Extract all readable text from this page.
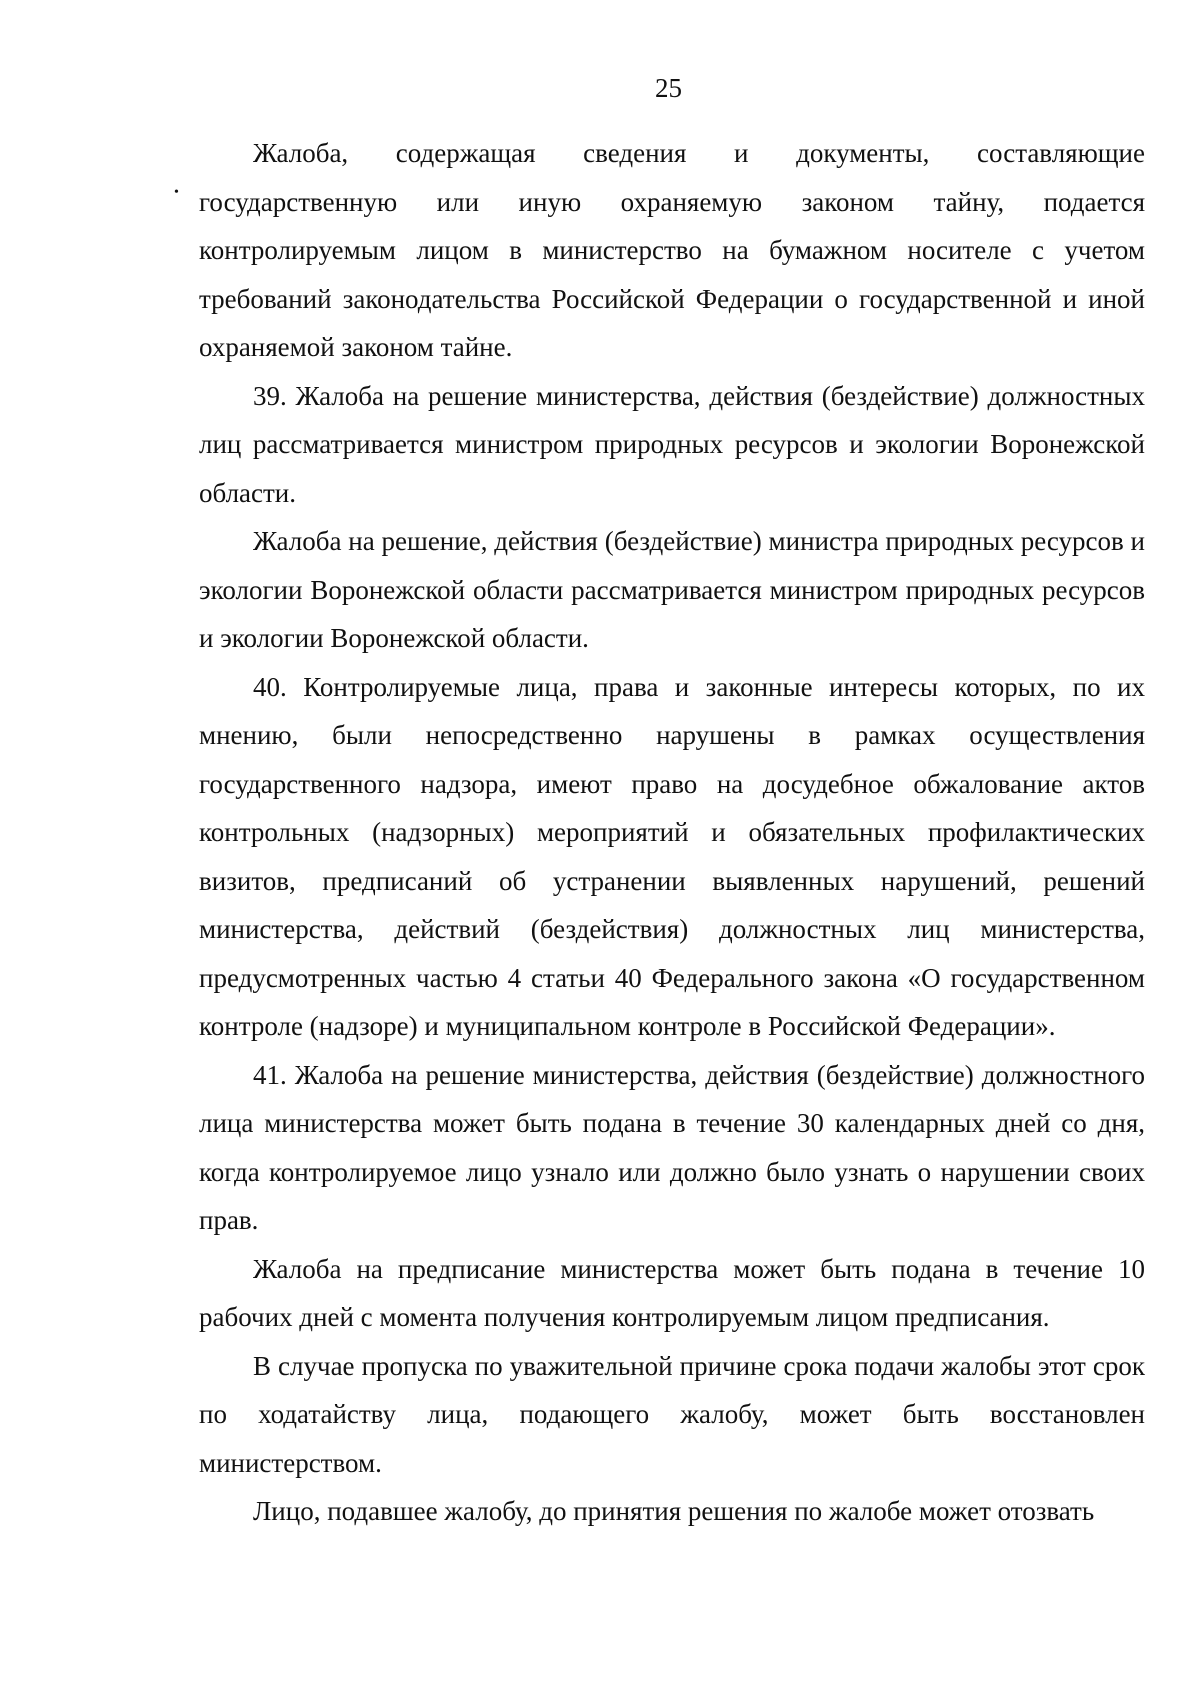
25
•

Жалоба, содержащая сведения и документы, составляющие государственную или иную охраняемую законом тайну, подается контролируемым лицом в министерство на бумажном носителе с учетом требований законодательства Российской Федерации о государственной и иной охраняемой законом тайне.

39. Жалоба на решение министерства, действия (бездействие) должностных лиц рассматривается министром природных ресурсов и экологии Воронежской области.

Жалоба на решение, действия (бездействие) министра природных ресурсов и экологии Воронежской области рассматривается министром природных ресурсов и экологии Воронежской области.

40. Контролируемые лица, права и законные интересы которых, по их мнению, были непосредственно нарушены в рамках осуществления государственного надзора, имеют право на досудебное обжалование актов контрольных (надзорных) мероприятий и обязательных профилактических визитов, предписаний об устранении выявленных нарушений, решений министерства, действий (бездействия) должностных лиц министерства, предусмотренных частью 4 статьи 40 Федерального закона «О государственном контроле (надзоре) и муниципальном контроле в Российской Федерации».

41. Жалоба на решение министерства, действия (бездействие) должностного лица министерства может быть подана в течение 30 календарных дней со дня, когда контролируемое лицо узнало или должно было узнать о нарушении своих прав.

Жалоба на предписание министерства может быть подана в течение 10 рабочих дней с момента получения контролируемым лицом предписания.

В случае пропуска по уважительной причине срока подачи жалобы этот срок по ходатайству лица, подающего жалобу, может быть восстановлен министерством.

Лицо, подавшее жалобу, до принятия решения по жалобе может отозвать
